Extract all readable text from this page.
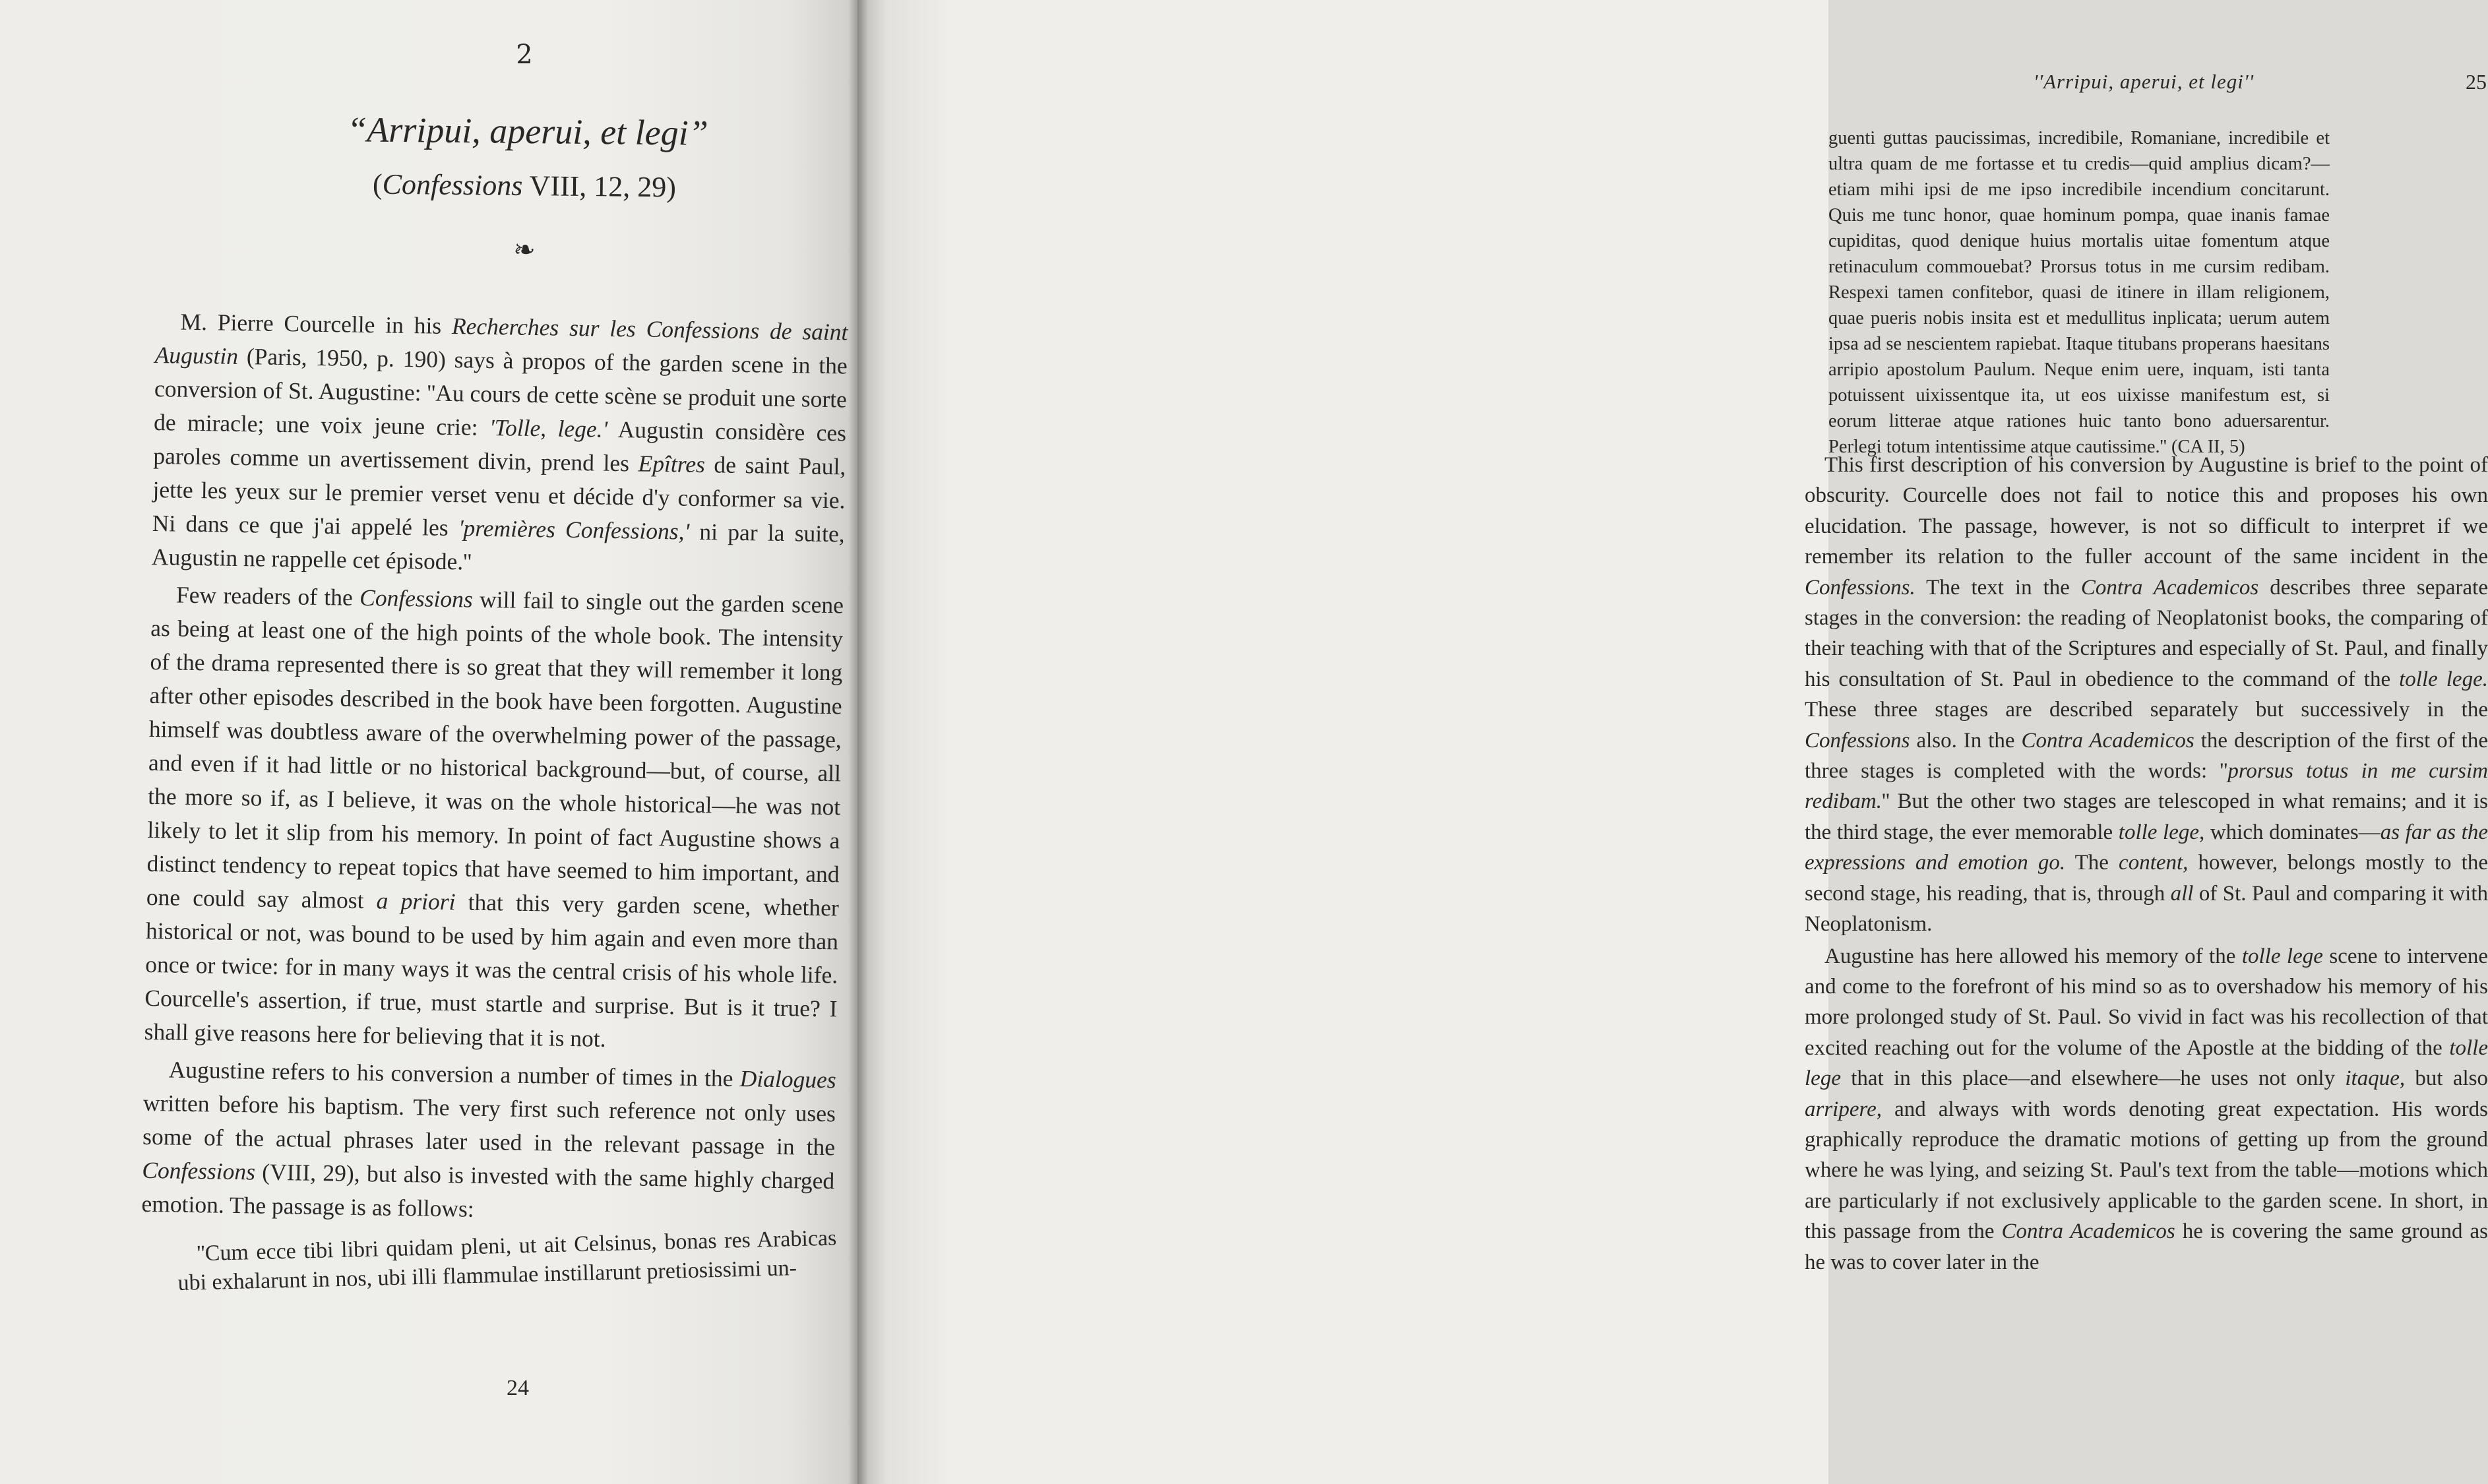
2
“Arripui, aperui, et legi”
(Confessions VIII, 12, 29)
❧

M. Pierre Courcelle in his Recherches sur les Confessions de saint Augustin (Paris, 1950, p. 190) says à propos of the garden scene in the conversion of St. Augustine: ''Au cours de cette scène se produit une sorte de miracle; une voix jeune crie: 'Tolle, lege.' Augustin considère ces paroles comme un avertissement divin, prend les Epîtres de saint Paul, jette les yeux sur le premier verset venu et décide d'y conformer sa vie. Ni dans ce que j'ai appelé les 'premières Confessions,' ni par la suite, Augustin ne rappelle cet épisode.''

Few readers of the Confessions will fail to single out the garden scene as being at least one of the high points of the whole book. The intensity of the drama represented there is so great that they will remember it long after other episodes described in the book have been forgotten. Augustine himself was doubtless aware of the overwhelming power of the passage, and even if it had little or no historical background—but, of course, all the more so if, as I believe, it was on the whole historical—he was not likely to let it slip from his memory. In point of fact Augustine shows a distinct tendency to repeat topics that have seemed to him important, and one could say almost a priori that this very garden scene, whether historical or not, was bound to be used by him again and even more than once or twice: for in many ways it was the central crisis of his whole life. Courcelle's assertion, if true, must startle and surprise. But is it true? I shall give reasons here for believing that it is not.

Augustine refers to his conversion a number of times in the Dialogues written before his baptism. The very first such reference not only uses some of the actual phrases later used in the relevant passage in the Confessions (VIII, 29), but also is invested with the same highly charged emotion. The passage is as follows:

''Cum ecce tibi libri quidam pleni, ut ait Celsinus, bonas res Arabicas ubi exhalarunt in nos, ubi illi flammulae instillarunt pretiosissimi un-
24
''Arripui, aperui, et legi''	25
guenti guttas paucissimas, incredibile, Romaniane, incredibile et ultra quam de me fortasse et tu credis—quid amplius dicam?—etiam mihi ipsi de me ipso incredibile incendium concitarunt. Quis me tunc honor, quae hominum pompa, quae inanis famae cupiditas, quod denique huius mortalis uitae fomentum atque retinaculum commouebat? Prorsus totus in me cursim redibam. Respexi tamen confitebor, quasi de itinere in illam religionem, quae pueris nobis insita est et medullitus inplicata; uerum autem ipsa ad se nescientem rapiebat. Itaque titubans properans haesitans arripio apostolum Paulum. Neque enim uere, inquam, isti tanta potuissent uixissentque ita, ut eos uixisse manifestum est, si eorum litterae atque rationes huic tanto bono aduersarentur. Perlegi totum intentissime atque cautissime.'' (CA II, 5)

This first description of his conversion by Augustine is brief to the point of obscurity. Courcelle does not fail to notice this and proposes his own elucidation. The passage, however, is not so difficult to interpret if we remember its relation to the fuller account of the same incident in the Confessions. The text in the Contra Academicos describes three separate stages in the conversion: the reading of Neoplatonist books, the comparing of their teaching with that of the Scriptures and especially of St. Paul, and finally his consultation of St. Paul in obedience to the command of the tolle lege. These three stages are described separately but successively in the Confessions also. In the Contra Academicos the description of the first of the three stages is completed with the words: ''prorsus totus in me cursim redibam.'' But the other two stages are telescoped in what remains; and it is the third stage, the ever memorable tolle lege, which dominates—as far as the expressions and emotion go. The content, however, belongs mostly to the second stage, his reading, that is, through all of St. Paul and comparing it with Neoplatonism.

Augustine has here allowed his memory of the tolle lege scene to intervene and come to the forefront of his mind so as to overshadow his memory of his more prolonged study of St. Paul. So vivid in fact was his recollection of that excited reaching out for the volume of the Apostle at the bidding of the tolle lege that in this place—and elsewhere—he uses not only itaque, but also arripere, and always with words denoting great expectation. His words graphically reproduce the dramatic motions of getting up from the ground where he was lying, and seizing St. Paul's text from the table—motions which are particularly if not exclusively applicable to the garden scene. In short, in this passage from the Contra Academicos he is covering the same ground as he was to cover later in the
